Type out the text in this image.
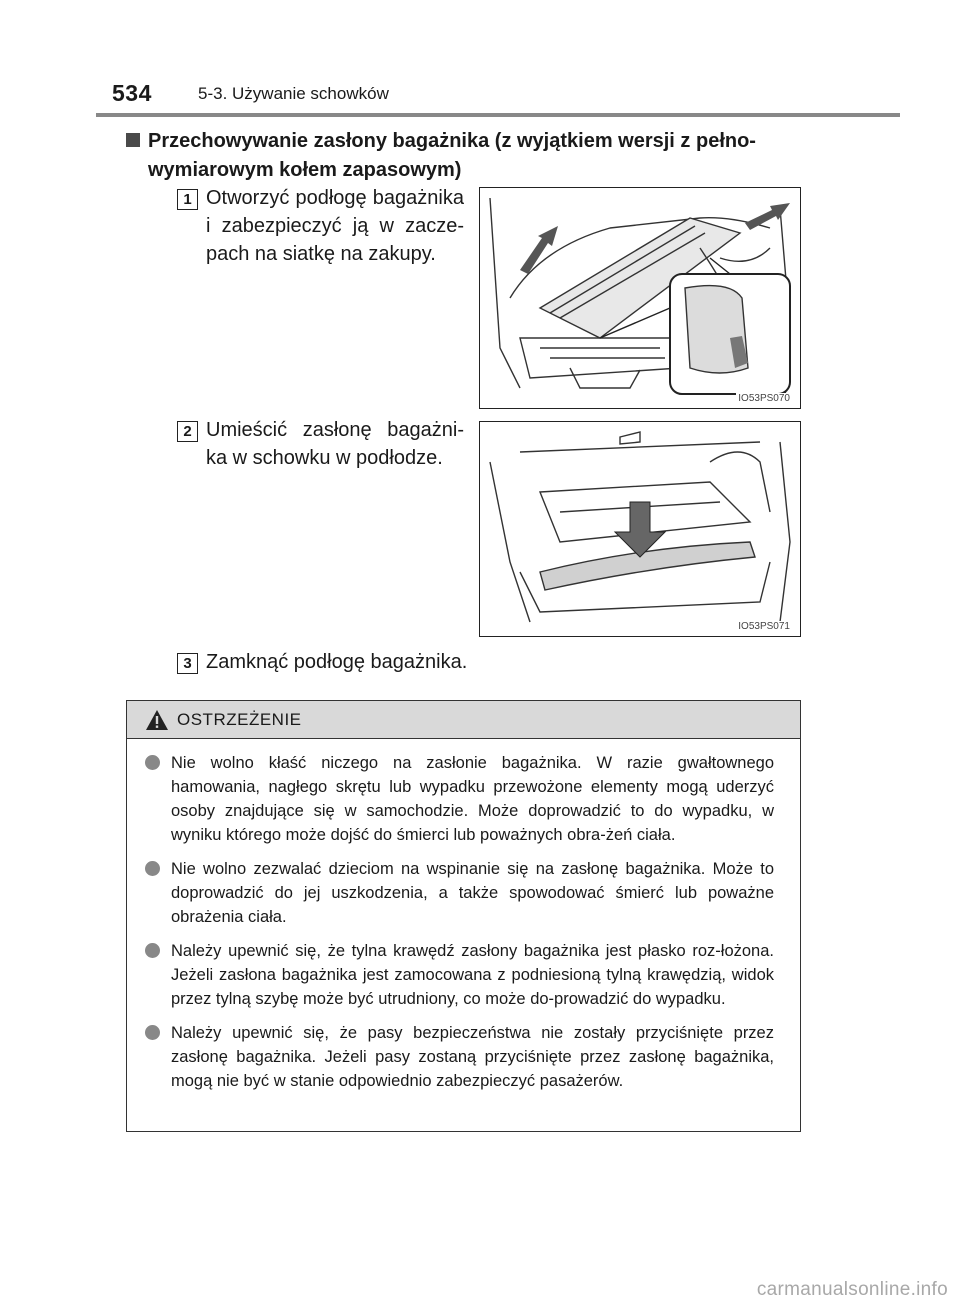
534	5-3. Używanie schowków
Przechowywanie zasłony bagażnika (z wyjątkiem wersji z pełno-wymiarowym kołem zapasowym)
1 Otworzyć podłogę bagażnika i zabezpieczyć ją w zacze-pach na siatkę na zakupy.
IO53PS070
2 Umieścić zasłonę bagażni-ka w schowku w podłodze.
IO53PS071
3 Zamknąć podłogę bagażnika.
OSTRZEŻENIE
Nie wolno kłaść niczego na zasłonie bagażnika. W razie gwałtownego hamowania, nagłego skrętu lub wypadku przewożone elementy mogą uderzyć osoby znajdujące się w samochodzie. Może doprowadzić to do wypadku, w wyniku którego może dojść do śmierci lub poważnych obra-żeń ciała.
Nie wolno zezwalać dzieciom na wspinanie się na zasłonę bagażnika. Może to doprowadzić do jej uszkodzenia, a także spowodować śmierć lub poważne obrażenia ciała.
Należy upewnić się, że tylna krawędź zasłony bagażnika jest płasko roz-łożona. Jeżeli zasłona bagażnika jest zamocowana z podniesioną tylną krawędzią, widok przez tylną szybę może być utrudniony, co może do-prowadzić do wypadku.
Należy upewnić się, że pasy bezpieczeństwa nie zostały przyciśnięte przez zasłonę bagażnika. Jeżeli pasy zostaną przyciśnięte przez zasłonę bagażnika, mogą nie być w stanie odpowiednio zabezpieczyć pasażerów.
carmanualsonline.info
